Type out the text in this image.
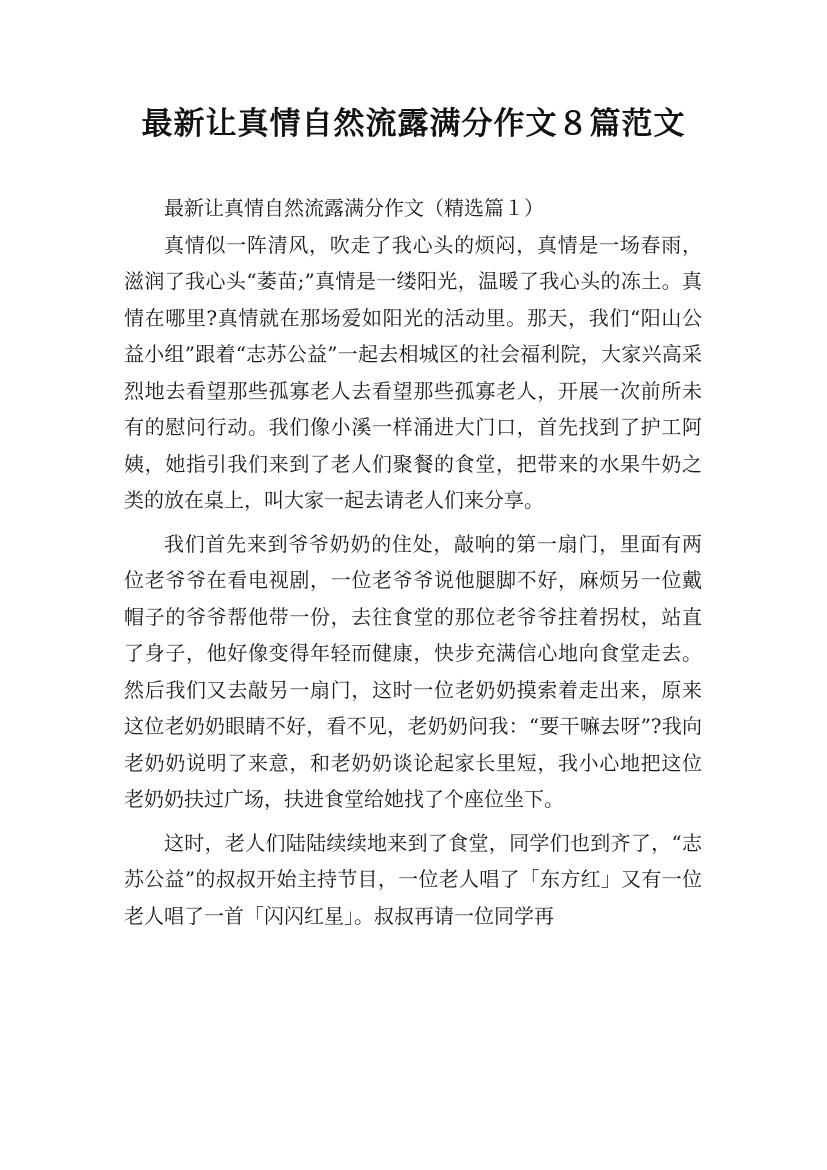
最新让真情自然流露满分作文８篇范文

最新让真情自然流露满分作文（精选篇１）

真情似一阵清风，吹走了我心头的烦闷，真情是一场春雨，滋润了我心头“萎苗;”真情是一缕阳光，温暖了我心头的冻土。真情在哪里?真情就在那场爱如阳光的活动里。那天，我们“阳山公益小组”跟着“志苏公益”一起去相城区的社会福利院，大家兴高采烈地去看望那些孤寡老人去看望那些孤寡老人，开展一次前所未有的慰问行动。我们像小溪一样涌进大门口，首先找到了护工阿姨，她指引我们来到了老人们聚餐的食堂，把带来的水果牛奶之类的放在桌上，叫大家一起去请老人们来分享。

我们首先来到爷爷奶奶的住处，敲响的第一扇门，里面有两位老爷爷在看电视剧，一位老爷爷说他腿脚不好，麻烦另一位戴帽子的爷爷帮他带一份，去往食堂的那位老爷爷拄着拐杖，站直了身子，他好像变得年轻而健康，快步充满信心地向食堂走去。然后我们又去敲另一扇门，这时一位老奶奶摸索着走出来，原来这位老奶奶眼睛不好，看不见，老奶奶问我：“要干嘛去呀”?我向老奶奶说明了来意，和老奶奶谈论起家长里短，我小心地把这位老奶奶扶过广场，扶进食堂给她找了个座位坐下。

这时，老人们陆陆续续地来到了食堂，同学们也到齐了，“志苏公益”的叔叔开始主持节目，一位老人唱了「东方红」又有一位老人唱了一首「闪闪红星」。叔叔再请一位同学再
